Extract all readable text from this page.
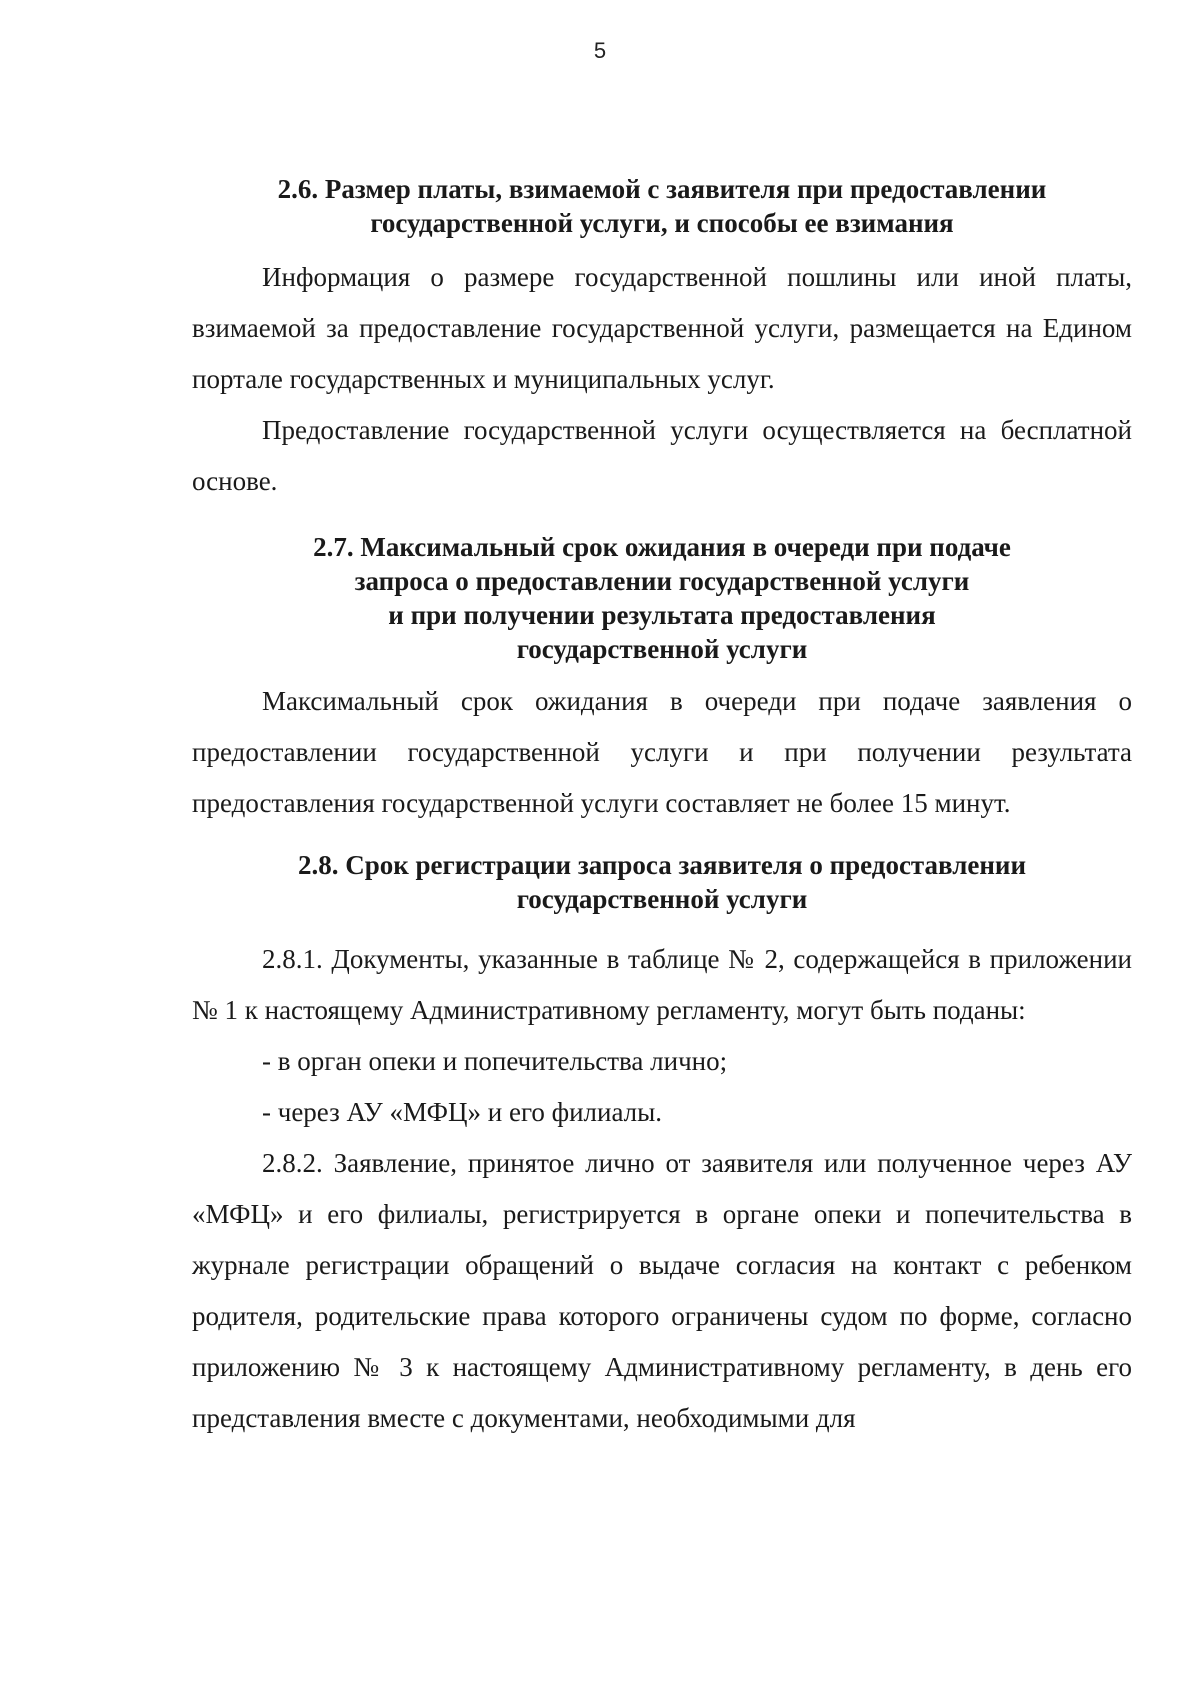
5

2.6. Размер платы, взимаемой с заявителя при предоставлении

государственной услуги, и способы ее взимания

Информация о размере государственной пошлины или иной платы, взимаемой за предоставление государственной услуги, размещается на Едином портале государственных и муниципальных услуг.

Предоставление государственной услуги осуществляется на бесплатной основе.

2.7. Максимальный срок ожидания в очереди при подаче

запроса о предоставлении государственной услуги

и при получении результата предоставления

государственной услуги

Максимальный срок ожидания в очереди при подаче заявления о предоставлении государственной услуги и при получении результата предоставления государственной услуги составляет не более 15 минут.

2.8. Срок регистрации запроса заявителя о предоставлении

государственной услуги

2.8.1. Документы, указанные в таблице № 2, содержащейся в приложении № 1 к настоящему Административному регламенту, могут быть поданы:

- в орган опеки и попечительства лично;

- через АУ «МФЦ» и его филиалы.

2.8.2. Заявление, принятое лично от заявителя или полученное через АУ «МФЦ» и его филиалы, регистрируется в органе опеки и попечительства в журнале регистрации обращений о выдаче согласия на контакт с ребенком родителя, родительские права которого ограничены судом по форме, согласно приложению № 3 к настоящему Административному регламенту, в день его представления вместе с документами, необходимыми для
